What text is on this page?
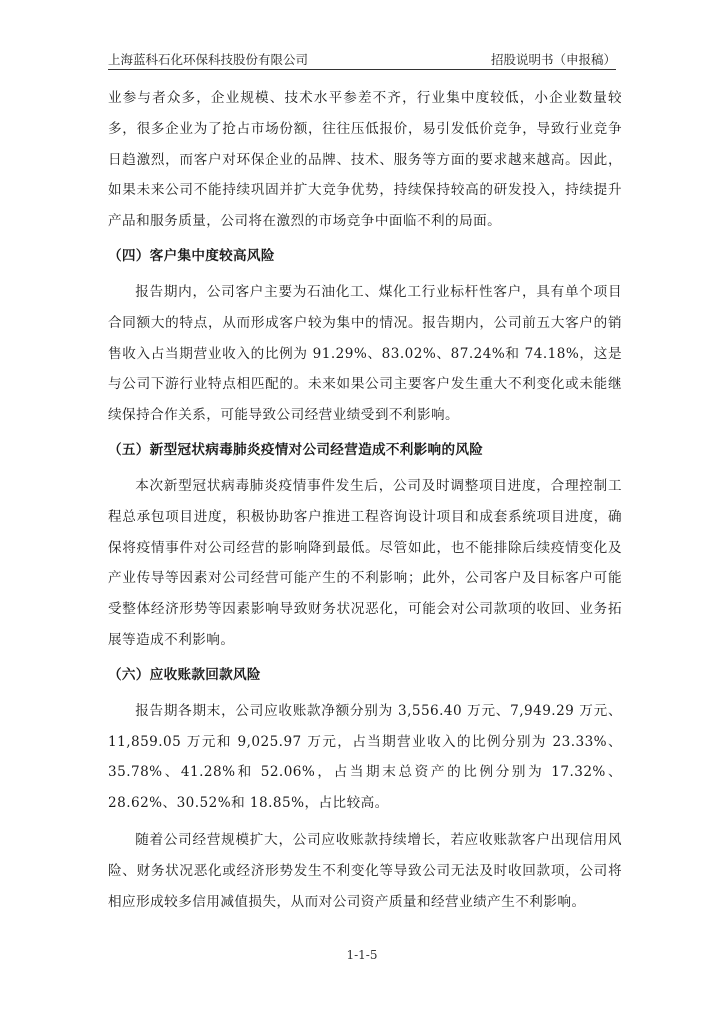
上海蓝科石化环保科技股份有限公司	招股说明书（申报稿）

业参与者众多，企业规模、技术水平参差不齐，行业集中度较低，小企业数量较多，很多企业为了抢占市场份额，往往压低报价，易引发低价竞争，导致行业竞争日趋激烈，而客户对环保企业的品牌、技术、服务等方面的要求越来越高。因此，如果未来公司不能持续巩固并扩大竞争优势，持续保持较高的研发投入，持续提升产品和服务质量，公司将在激烈的市场竞争中面临不利的局面。

（四）客户集中度较高风险

报告期内，公司客户主要为石油化工、煤化工行业标杆性客户，具有单个项目合同额大的特点，从而形成客户较为集中的情况。报告期内，公司前五大客户的销售收入占当期营业收入的比例为 91.29%、83.02%、87.24%和 74.18%，这是与公司下游行业特点相匹配的。未来如果公司主要客户发生重大不利变化或未能继续保持合作关系，可能导致公司经营业绩受到不利影响。

（五）新型冠状病毒肺炎疫情对公司经营造成不利影响的风险

本次新型冠状病毒肺炎疫情事件发生后，公司及时调整项目进度，合理控制工程总承包项目进度，积极协助客户推进工程咨询设计项目和成套系统项目进度，确保将疫情事件对公司经营的影响降到最低。尽管如此，也不能排除后续疫情变化及产业传导等因素对公司经营可能产生的不利影响；此外，公司客户及目标客户可能受整体经济形势等因素影响导致财务状况恶化，可能会对公司款项的收回、业务拓展等造成不利影响。

（六）应收账款回款风险

报告期各期末，公司应收账款净额分别为 3,556.40 万元、7,949.29 万元、11,859.05 万元和 9,025.97 万元，占当期营业收入的比例分别为 23.33%、35.78%、41.28%和 52.06%，占当期末总资产的比例分别为 17.32%、28.62%、30.52%和 18.85%，占比较高。

随着公司经营规模扩大，公司应收账款持续增长，若应收账款客户出现信用风险、财务状况恶化或经济形势发生不利变化等导致公司无法及时收回款项，公司将相应形成较多信用减值损失，从而对公司资产质量和经营业绩产生不利影响。

1-1-5
